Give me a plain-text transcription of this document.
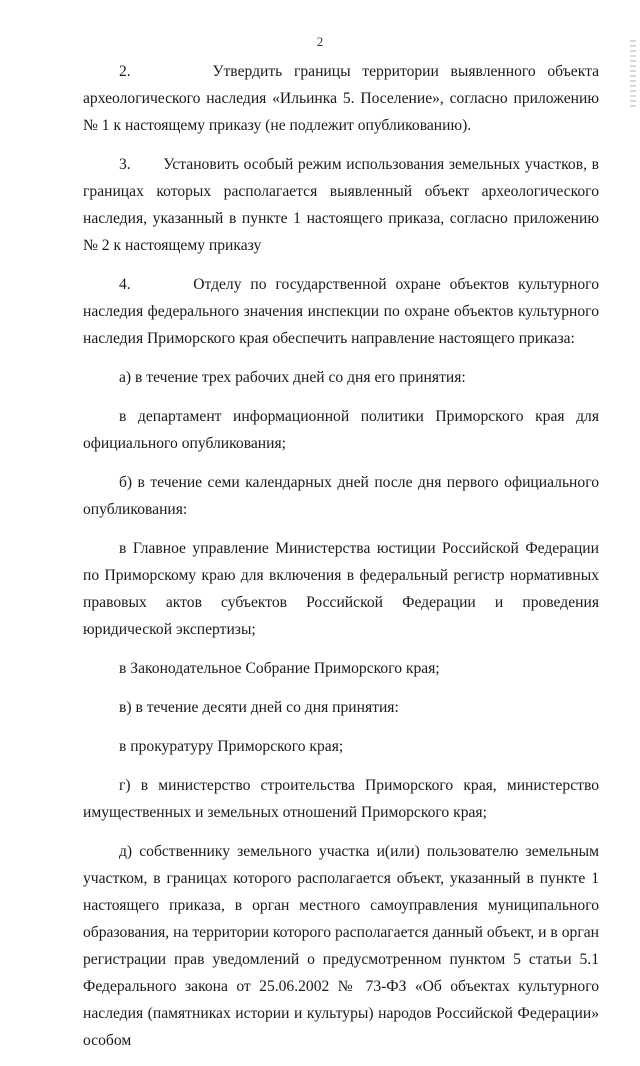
2

2.       Утвердить границы территории выявленного объекта археологического наследия «Ильинка 5. Поселение», согласно приложению № 1 к настоящему приказу (не подлежит опубликованию).

3.       Установить особый режим использования земельных участков, в границах которых располагается выявленный объект археологического наследия, указанный в пункте 1 настоящего приказа, согласно приложению № 2 к настоящему приказу

4.       Отделу по государственной охране объектов культурного наследия федерального значения инспекции по охране объектов культурного наследия Приморского края обеспечить направление настоящего приказа:

а) в течение трех рабочих дней со дня его принятия:

в департамент информационной политики Приморского края для официального опубликования;

б) в течение семи календарных дней после дня первого официального опубликования:

в Главное управление Министерства юстиции Российской Федерации по Приморскому краю для включения в федеральный регистр нормативных правовых актов субъектов Российской Федерации и проведения юридической экспертизы;

в Законодательное Собрание Приморского края;

в) в течение десяти дней со дня принятия:

в прокуратуру Приморского края;

г) в министерство строительства Приморского края, министерство имущественных и земельных отношений Приморского края;

д) собственнику земельного участка и(или) пользователю земельным участком, в границах которого располагается объект, указанный в пункте 1 настоящего приказа, в орган местного самоуправления муниципального образования, на территории которого располагается данный объект, и в орган регистрации прав уведомлений о предусмотренном пунктом 5 статьи 5.1 Федерального закона от 25.06.2002 № 73-ФЗ «Об объектах культурного наследия (памятниках истории и культуры) народов Российской Федерации» особом
